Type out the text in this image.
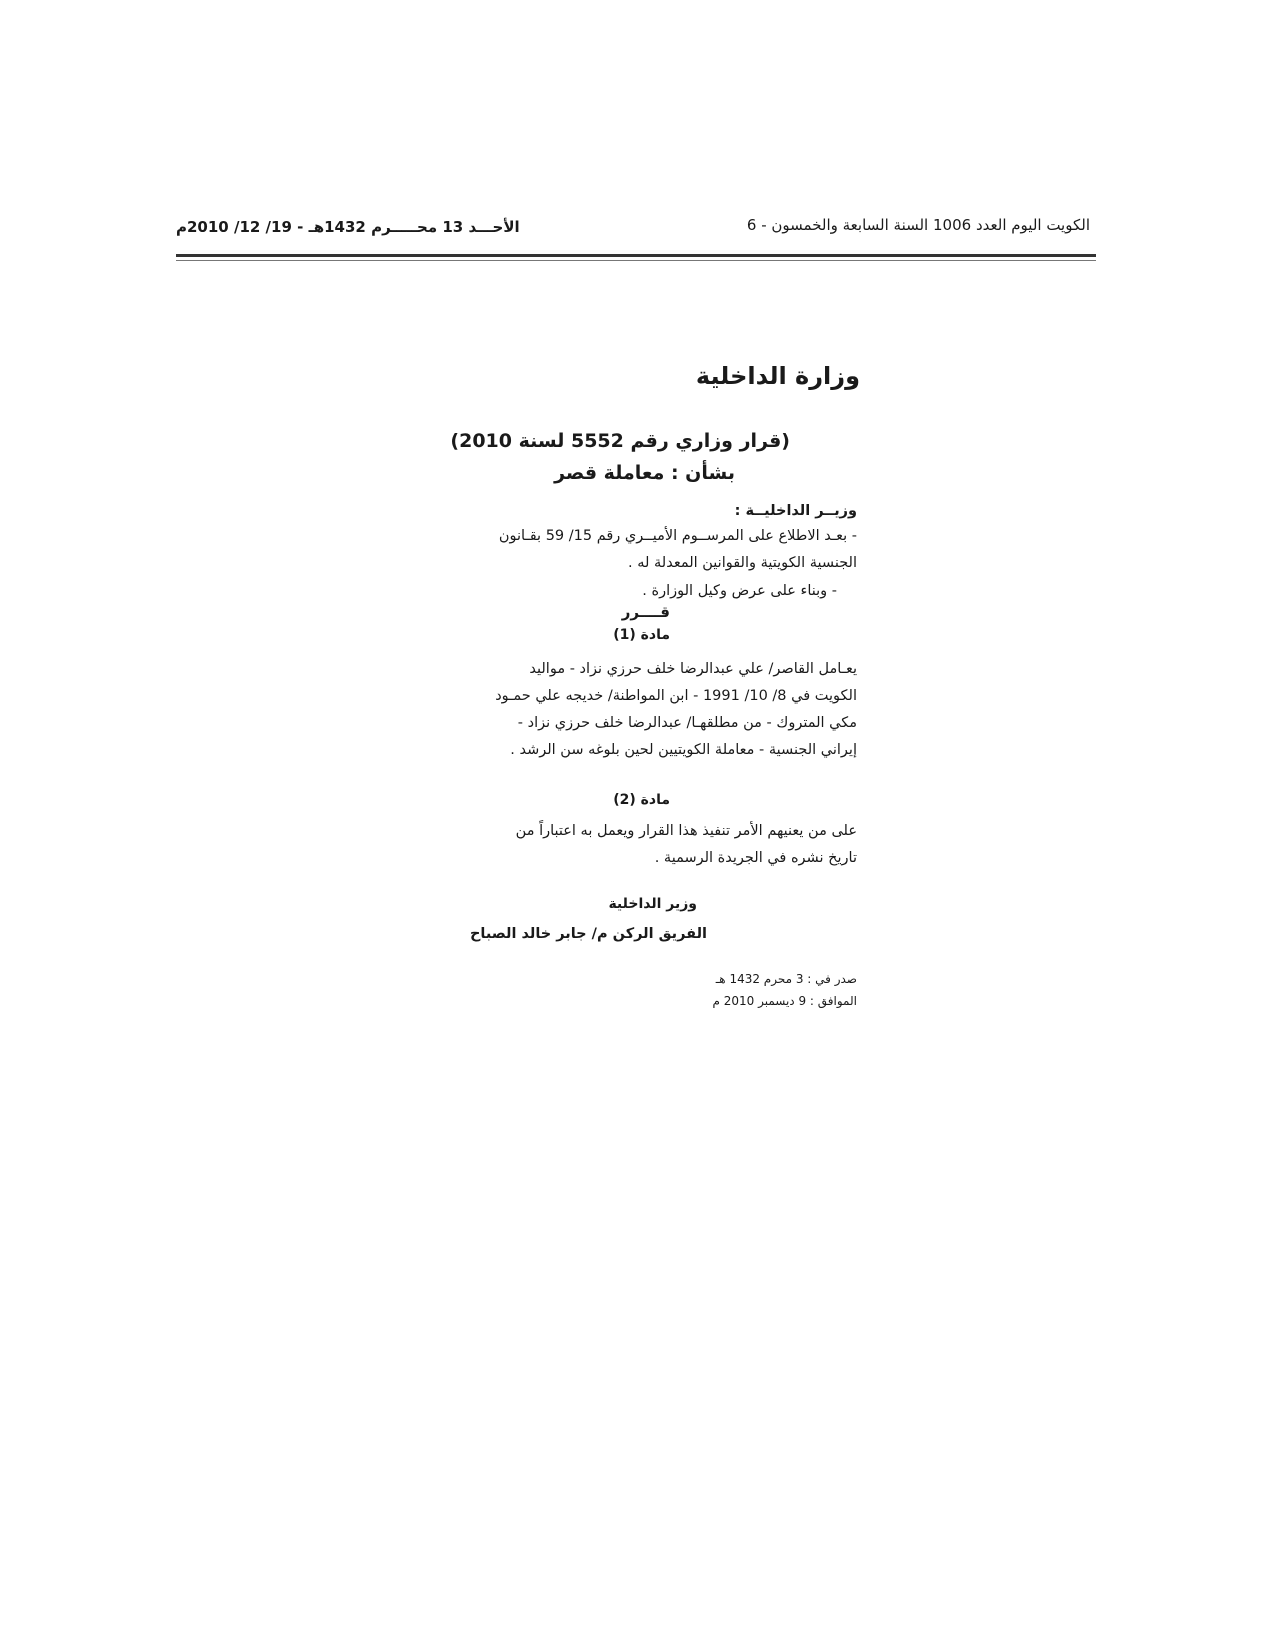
الكويت اليوم العدد 1006 السنة السابعة والخمسون - 6
الأحـــد 13 محـــــرم 1432هـ - 19/ 12/ 2010م
وزارة الداخلية
(قرار وزاري رقم 5552 لسنة 2010)
بشأن : معاملة قصر
وزيــر الداخليــة :
- بعـد الاطلاع على المرســوم الأميــري رقم 15/ 59 بقـانون
الجنسية الكويتية والقوانين المعدلة له .
- وبناء على عرض وكيل الوزارة .
قــــرر
مادة (1)
يعـامل القاصر/ علي عبدالرضا خلف حرزي نزاد - مواليد
الكويت في 8/ 10/ 1991 - ابن المواطنة/ خديجه علي حمـود
مكي المتروك - من مطلقهـا/ عبدالرضا خلف حرزي نزاد -
إيراني الجنسية - معاملة الكويتيين لحين بلوغه سن الرشد .
مادة (2)
على من يعنيهم الأمر تنفيذ هذا القرار ويعمل به اعتباراً من
تاريخ نشره في الجريدة الرسمية .
وزير الداخلية
الفريق الركن م/ جابر خالد الصباح
صدر في : 3 محرم 1432 هـ
الموافق : 9 ديسمبر 2010 م
